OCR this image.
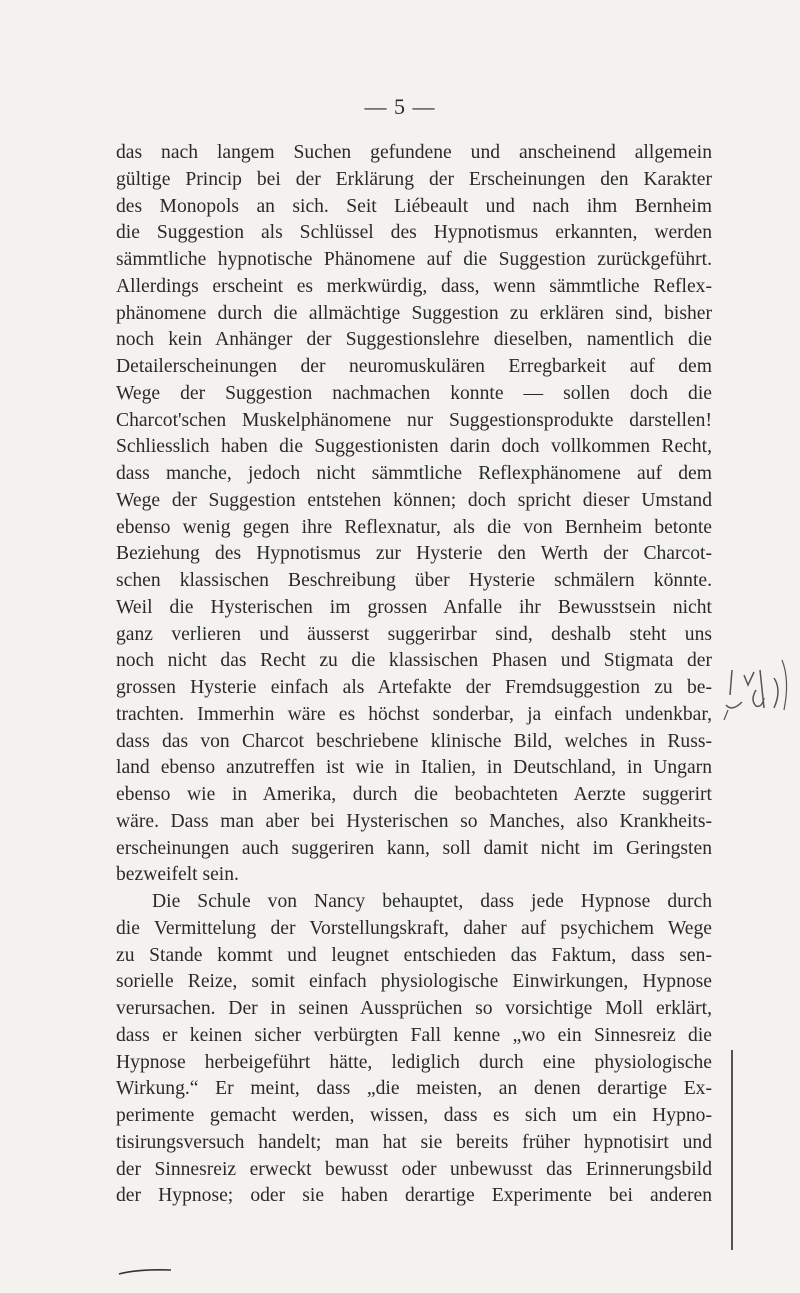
— 5 —
das nach langem Suchen gefundene und anscheinend allgemein
gültige Princip bei der Erklärung der Erscheinungen den Karakter
des Monopols an sich. Seit Liébeault und nach ihm Bernheim
die Suggestion als Schlüssel des Hypnotismus erkannten, werden
sämmtliche hypnotische Phänomene auf die Suggestion zurückgeführt.
Allerdings erscheint es merkwürdig, dass, wenn sämmtliche Reflex-
phänomene durch die allmächtige Suggestion zu erklären sind, bisher
noch kein Anhänger der Suggestionslehre dieselben, namentlich die
Detailerscheinungen der neuromuskulären Erregbarkeit auf dem
Wege der Suggestion nachmachen konnte — sollen doch die
Charcot'schen Muskelphänomene nur Suggestionsprodukte darstellen!
Schliesslich haben die Suggestionisten darin doch vollkommen Recht,
dass manche, jedoch nicht sämmtliche Reflexphänomene auf dem
Wege der Suggestion entstehen können; doch spricht dieser Umstand
ebenso wenig gegen ihre Reflexnatur, als die von Bernheim betonte
Beziehung des Hypnotismus zur Hysterie den Werth der Charcot-
schen klassischen Beschreibung über Hysterie schmälern könnte.
Weil die Hysterischen im grossen Anfalle ihr Bewusstsein nicht
ganz verlieren und äusserst suggerirbar sind, deshalb steht uns
noch nicht das Recht zu die klassischen Phasen und Stigmata der
grossen Hysterie einfach als Artefakte der Fremdsuggestion zu be-
trachten. Immerhin wäre es höchst sonderbar, ja einfach undenkbar,
dass das von Charcot beschriebene klinische Bild, welches in Russ-
land ebenso anzutreffen ist wie in Italien, in Deutschland, in Ungarn
ebenso wie in Amerika, durch die beobachteten Aerzte suggerirt
wäre. Dass man aber bei Hysterischen so Manches, also Krankheits-
erscheinungen auch suggeriren kann, soll damit nicht im Geringsten
bezweifelt sein.
Die Schule von Nancy behauptet, dass jede Hypnose durch
die Vermittelung der Vorstellungskraft, daher auf psychichem Wege
zu Stande kommt und leugnet entschieden das Faktum, dass sen-
sorielle Reize, somit einfach physiologische Einwirkungen, Hypnose
verursachen. Der in seinen Aussprüchen so vorsichtige Moll erklärt,
dass er keinen sicher verbürgten Fall kenne „wo ein Sinnesreiz die
Hypnose herbeigeführt hätte, lediglich durch eine physiologische
Wirkung.“ Er meint, dass „die meisten, an denen derartige Ex-
perimente gemacht werden, wissen, dass es sich um ein Hypno-
tisirungsversuch handelt; man hat sie bereits früher hypnotisirt und
der Sinnesreiz erweckt bewusst oder unbewusst das Erinnerungsbild
der Hypnose; oder sie haben derartige Experimente bei anderen
